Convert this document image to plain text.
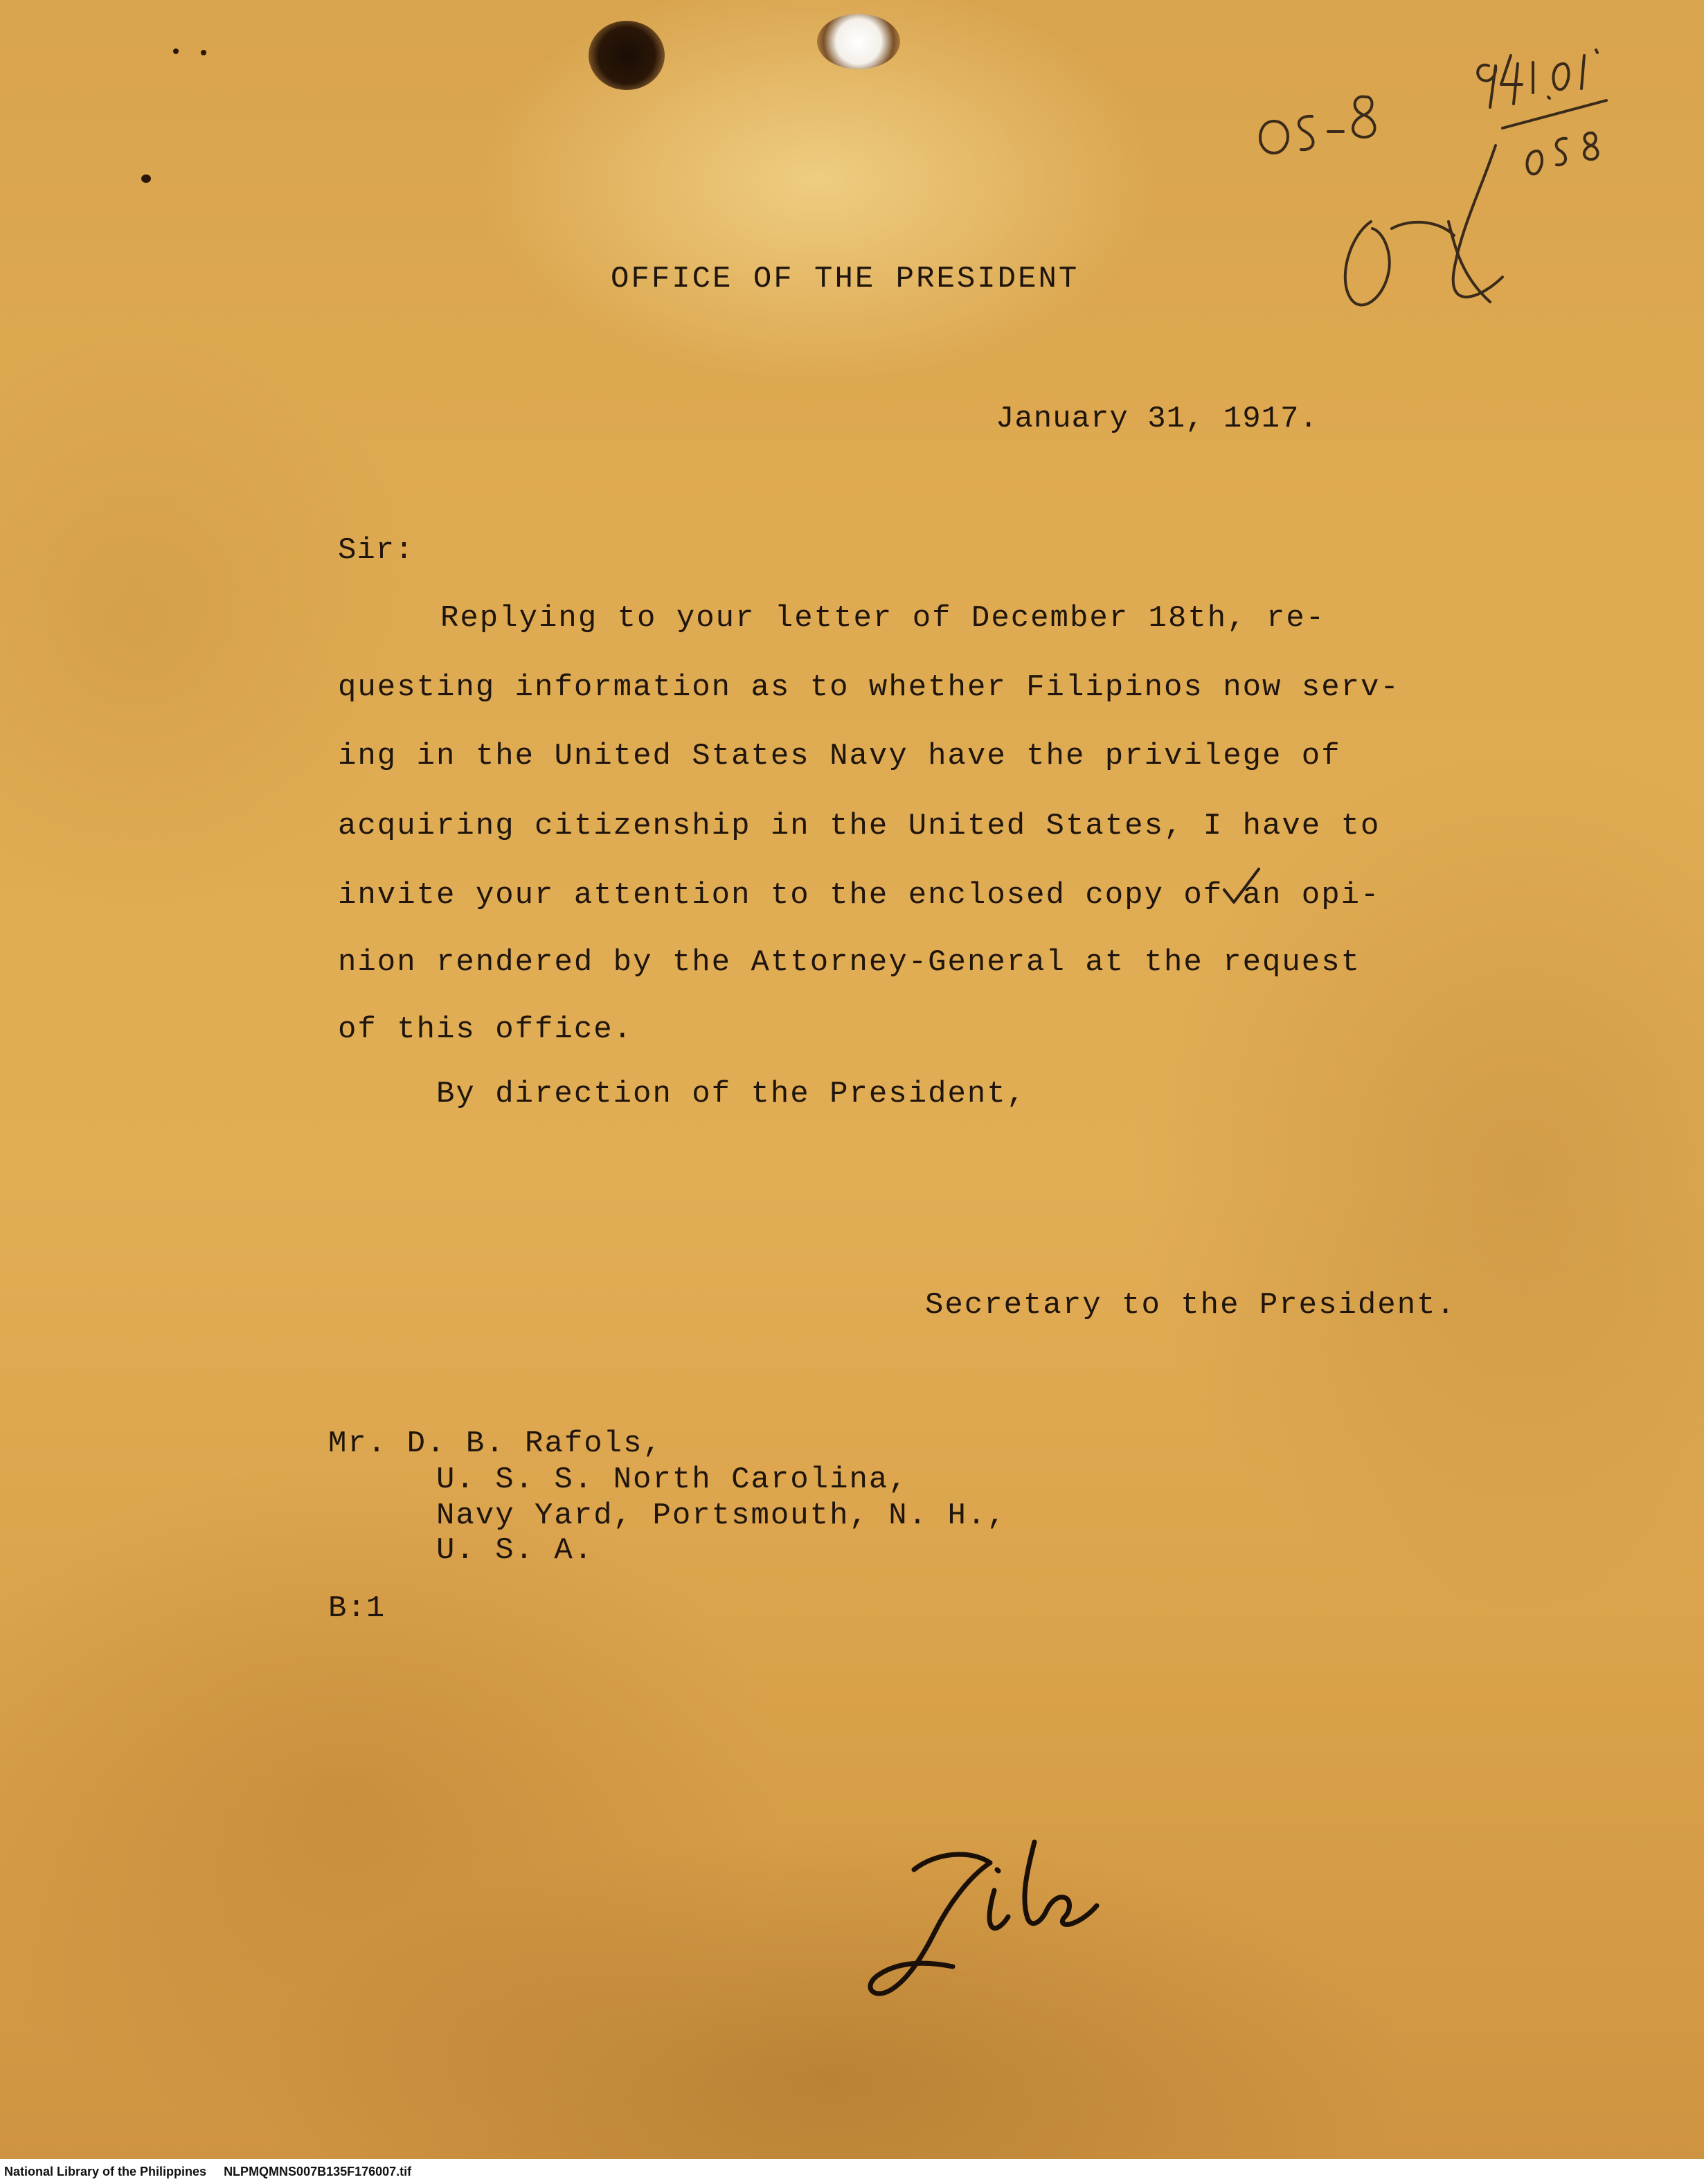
OFFICE OF THE PRESIDENT

January 31, 1917.

Sir:

Replying to your letter of December 18th, re-

questing information as to whether Filipinos now serv-

ing in the United States Navy have the privilege of

acquiring citizenship in the United States, I have to

invite your attention to the enclosed copy of an opi-

nion rendered by the Attorney-General at the request

of this office.

By direction of the President,

Secretary to the President.

Mr. D. B. Rafols,

U. S. S. North Carolina,

Navy Yard, Portsmouth, N. H.,

U. S. A.

B:1

National Library of the Philippines NLPMQMNS007B135F176007.tif
